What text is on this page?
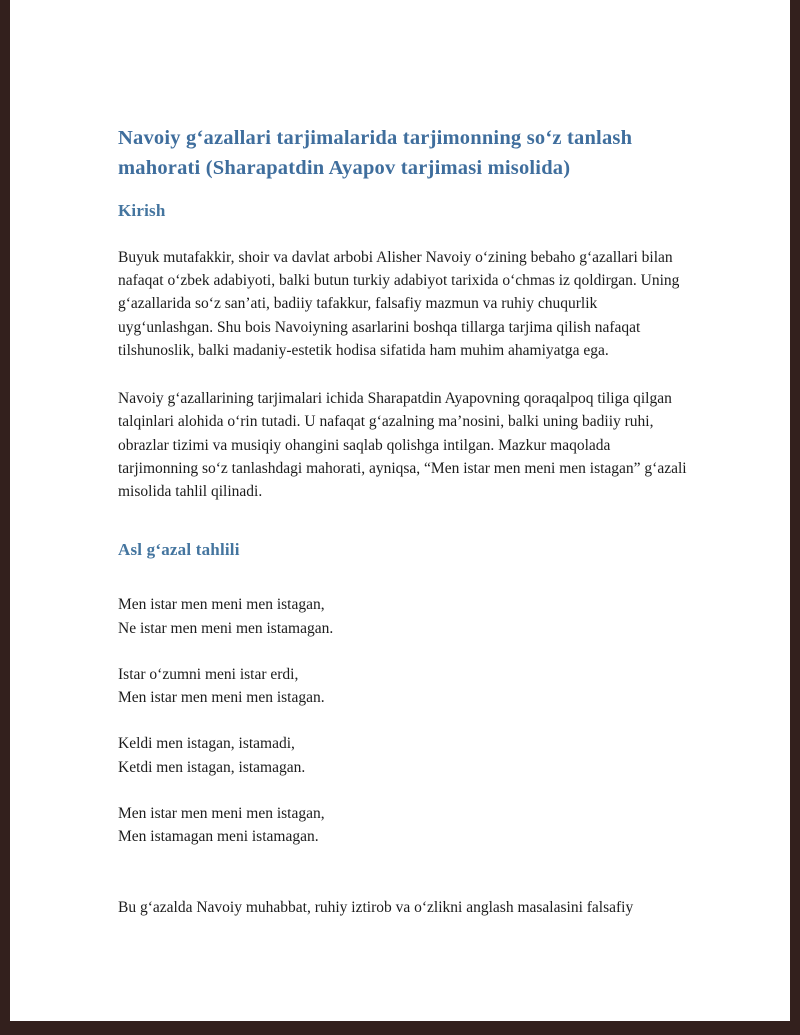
Navoiy gʻazallari tarjimalarida tarjimonning soʻz tanlash mahorati (Sharapatdin Ayapov tarjimasi misolida)
Kirish

Buyuk mutafakkir, shoir va davlat arbobi Alisher Navoiy oʻzining bebaho gʻazallari bilan nafaqat oʻzbek adabiyoti, balki butun turkiy adabiyot tarixida oʻchmas iz qoldirgan. Uning gʻazallarida soʻz san’ati, badiiy tafakkur, falsafiy mazmun va ruhiy chuqurlik uygʻunlashgan. Shu bois Navoiyning asarlarini boshqa tillarga tarjima qilish nafaqat tilshunoslik, balki madaniy-estetik hodisa sifatida ham muhim ahamiyatga ega.

Navoiy gʻazallarining tarjimalari ichida Sharapatdin Ayapovning qoraqalpoq tiliga qilgan talqinlari alohida oʻrin tutadi. U nafaqat gʻazalning ma’nosini, balki uning badiiy ruhi, obrazlar tizimi va musiqiy ohangini saqlab qolishga intilgan. Mazkur maqolada tarjimonning soʻz tanlashdagi mahorati, ayniqsa, “Men istar men meni men istagan” gʻazali misolida tahlil qilinadi.

Asl gʻazal tahlili
Men istar men meni men istagan,
Ne istar men meni men istamagan.
Istar oʻzumni meni istar erdi,
Men istar men meni men istagan.
Keldi men istagan, istamadi,
Ketdi men istagan, istamagan.
Men istar men meni men istagan,
Men istamagan meni istamagan.

Bu gʻazalda Navoiy muhabbat, ruhiy iztirob va oʻzlikni anglash masalasini falsafiy
